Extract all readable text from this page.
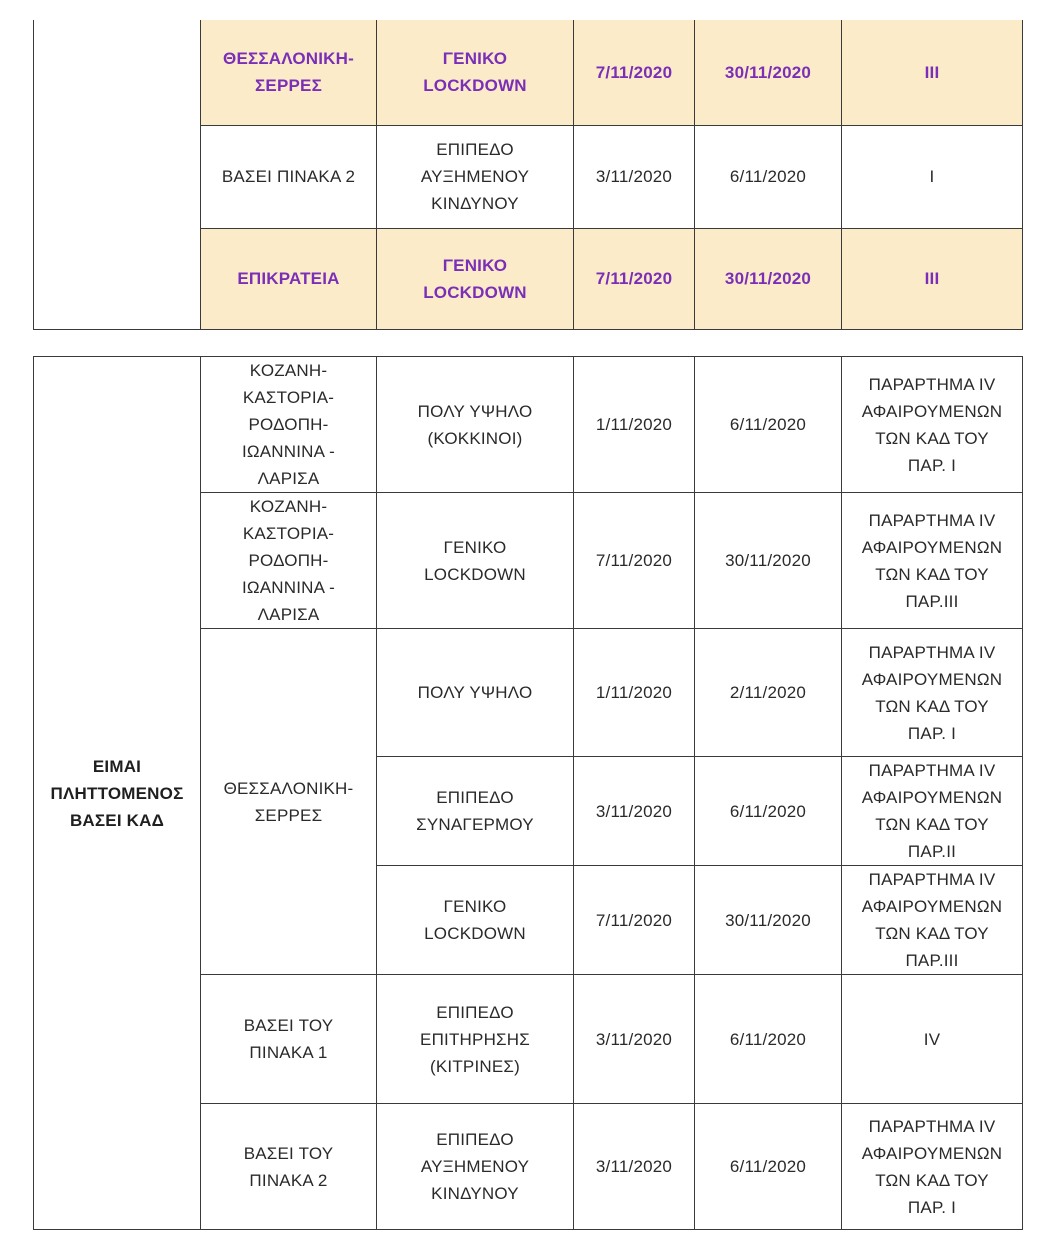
	ΘΕΣΣΑΛΟΝΙΚΗ-
ΣΕΡΡΕΣ	ΓΕΝΙΚΟ
LOCKDOWN	7/11/2020	30/11/2020	III
	ΒΑΣΕΙ ΠΙΝΑΚΑ 2	ΕΠΙΠΕΔΟ
ΑΥΞΗΜΕΝΟΥ
ΚΙΝΔΥΝΟΥ	3/11/2020	6/11/2020	I
	ΕΠΙΚΡΑΤΕΙΑ	ΓΕΝΙΚΟ
LOCKDOWN	7/11/2020	30/11/2020	III
ΕΙΜΑΙ
ΠΛΗΤΤΟΜΕΝΟΣ
ΒΑΣΕΙ ΚΑΔ	ΚΟΖΑΝΗ-
ΚΑΣΤΟΡΙΑ-
ΡΟΔΟΠΗ-
ΙΩΑΝΝΙΝΑ -
ΛΑΡΙΣΑ	ΠΟΛΥ ΥΨΗΛΟ
(ΚΟΚΚΙΝΟΙ)	1/11/2020	6/11/2020	ΠΑΡΑΡΤΗΜΑ IV
ΑΦΑΙΡΟΥΜΕΝΩΝ
ΤΩΝ ΚΑΔ ΤΟΥ
ΠΑΡ. I
	ΚΟΖΑΝΗ-
ΚΑΣΤΟΡΙΑ-
ΡΟΔΟΠΗ-
ΙΩΑΝΝΙΝΑ -
ΛΑΡΙΣΑ	ΓΕΝΙΚΟ
LOCKDOWN	7/11/2020	30/11/2020	ΠΑΡΑΡΤΗΜΑ IV
ΑΦΑΙΡΟΥΜΕΝΩΝ
ΤΩΝ ΚΑΔ ΤΟΥ
ΠΑΡ.III
	ΘΕΣΣΑΛΟΝΙΚΗ-
ΣΕΡΡΕΣ	ΠΟΛΥ ΥΨΗΛΟ	1/11/2020	2/11/2020	ΠΑΡΑΡΤΗΜΑ IV
ΑΦΑΙΡΟΥΜΕΝΩΝ
ΤΩΝ ΚΑΔ ΤΟΥ
ΠΑΡ. I
		ΕΠΙΠΕΔΟ
ΣΥΝΑΓΕΡΜΟΥ	3/11/2020	6/11/2020	ΠΑΡΑΡΤΗΜΑ IV
ΑΦΑΙΡΟΥΜΕΝΩΝ
ΤΩΝ ΚΑΔ ΤΟΥ
ΠΑΡ.II
		ΓΕΝΙΚΟ
LOCKDOWN	7/11/2020	30/11/2020	ΠΑΡΑΡΤΗΜΑ IV
ΑΦΑΙΡΟΥΜΕΝΩΝ
ΤΩΝ ΚΑΔ ΤΟΥ
ΠΑΡ.III
	ΒΑΣΕΙ ΤΟΥ
ΠΙΝΑΚΑ 1	ΕΠΙΠΕΔΟ
ΕΠΙΤΗΡΗΣΗΣ
(ΚΙΤΡΙΝΕΣ)	3/11/2020	6/11/2020	IV
	ΒΑΣΕΙ ΤΟΥ
ΠΙΝΑΚΑ 2	ΕΠΙΠΕΔΟ
ΑΥΞΗΜΕΝΟΥ
ΚΙΝΔΥΝΟΥ	3/11/2020	6/11/2020	ΠΑΡΑΡΤΗΜΑ IV
ΑΦΑΙΡΟΥΜΕΝΩΝ
ΤΩΝ ΚΑΔ ΤΟΥ
ΠΑΡ. I
